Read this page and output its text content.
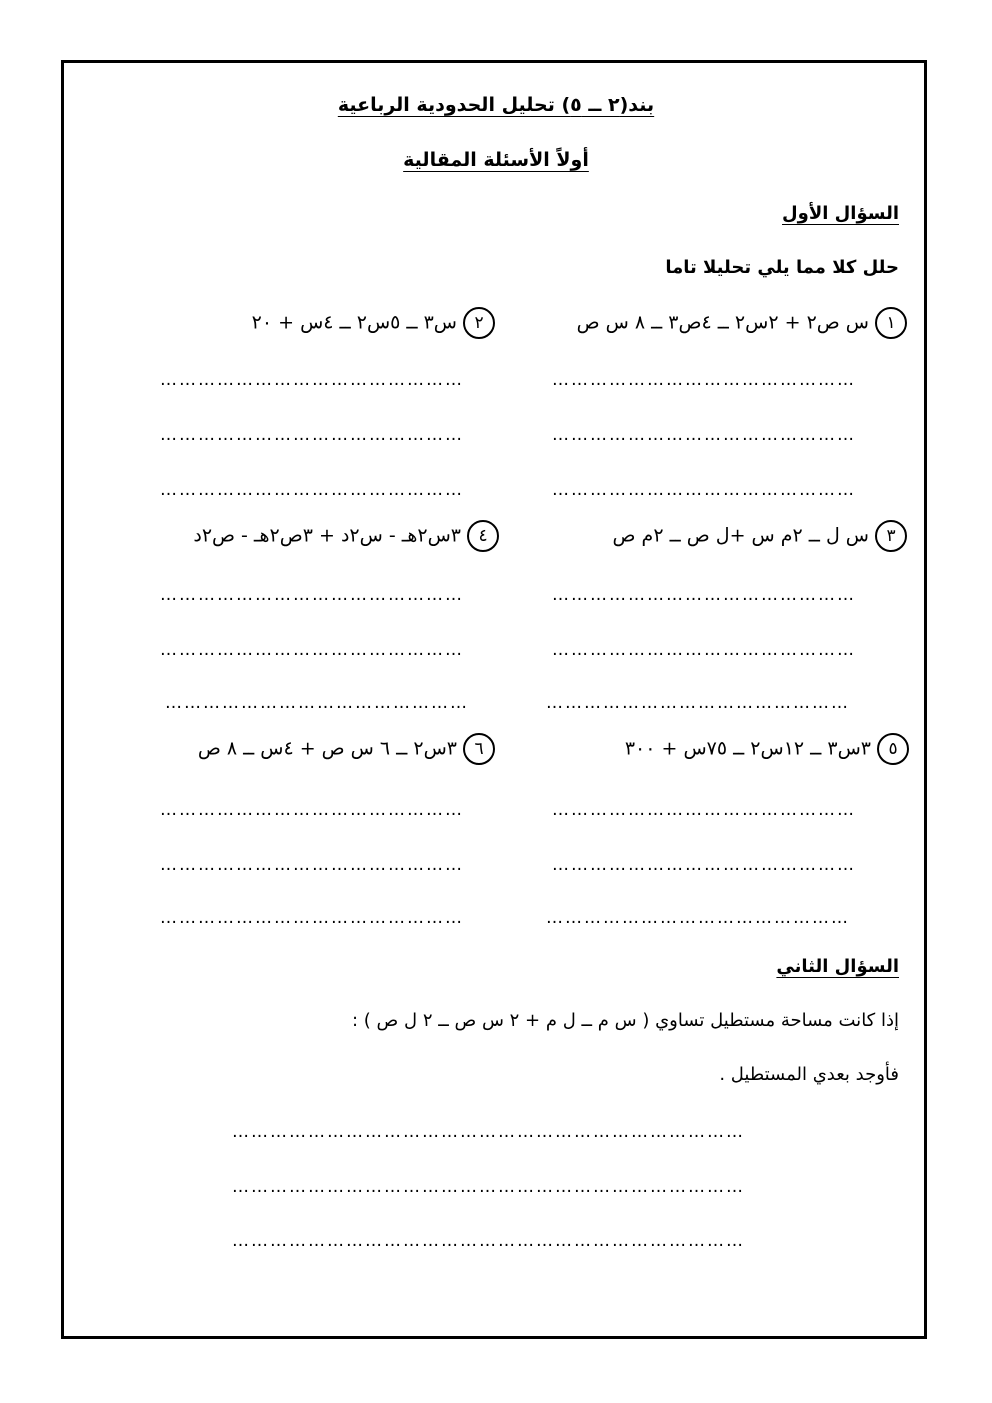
بند(٢ ــ ٥) تحليل الحدودية الرباعية
أولاً الأسئلة المقالية
السؤال الأول
حلل كلا مما يلي تحليلا تاما
١س ص٢ + ٢س٢ ــ ٤ص٣ ــ ٨ س ص
٢س٣ ــ ٥س٢ ــ ٤س + ٢٠
…………………………………………
…………………………………………
…………………………………………
…………………………………………
…………………………………………
…………………………………………
٣س ل ــ ٢م س +ل ص ــ ٢م ص
٤٣س٢هـ - س٢د + ٣ص٢هـ - ص٢د
…………………………………………
…………………………………………
…………………………………………
…………………………………………
…………………………………………
…………………………………………
٥٣س٣ ــ ١٢س٢ ــ ٧٥س + ٣٠٠
٦٣س٢ ــ ٦ س ص + ٤س ــ ٨ ص
…………………………………………
…………………………………………
…………………………………………
…………………………………………
…………………………………………
…………………………………………
السؤال الثاني
إذا كانت مساحة مستطيل تساوي ( س م ــ ل م + ٢ س ص ــ ٢ ل ص ) :
فأوجد بعدي المستطيل .
………………………………………………………………………
………………………………………………………………………
………………………………………………………………………
